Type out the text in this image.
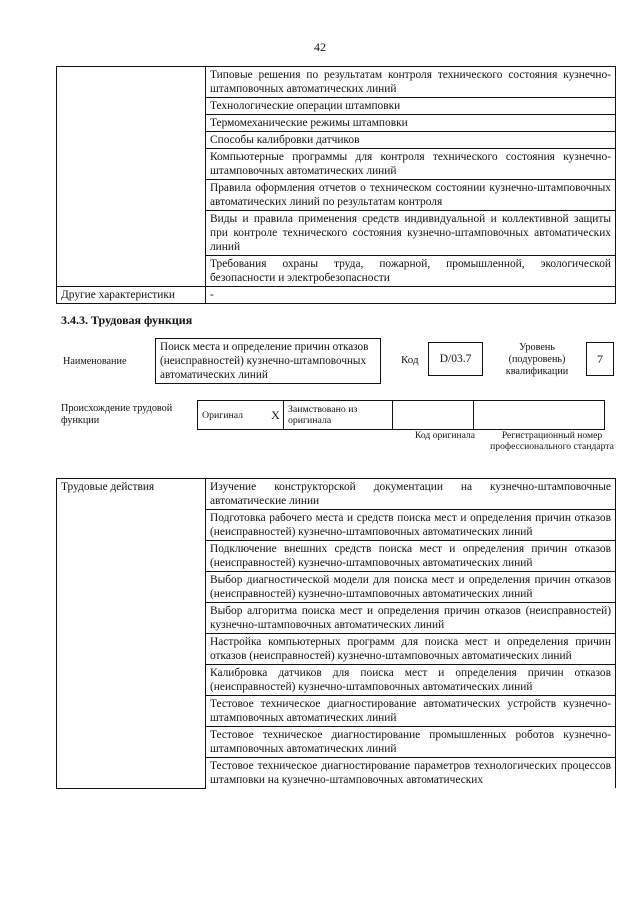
42
	Типовые решения по результатам контроля технического состояния кузнечно-штамповочных автоматических линий
	Технологические операции штамповки
	Термомеханические режимы штамповки
	Способы калибровки датчиков
	Компьютерные программы для контроля технического состояния кузнечно-штамповочных автоматических линий
	Правила оформления отчетов о техническом состоянии кузнечно-штамповочных автоматических линий по результатам контроля
	Виды и правила применения средств индивидуальной и коллективной защиты при контроле технического состояния кузнечно-штамповочных автоматических линий
	Требования охраны труда, пожарной, промышленной, экологической безопасности и электробезопасности
Другие характеристики	-
3.4.3. Трудовая функция
Наименование
Поиск места и определение причин отказов (неисправностей) кузнечно-штамповочных автоматических линий
Код	D/03.7
Уровень (подуровень) квалификации
7
Происхождение трудовой функции	Оригинал	X	Заимствовано из оригинала		
Код оригинала	Регистрационный номер профессионального стандарта
Трудовые действия	Изучение конструкторской документации на кузнечно-штамповочные автоматические линии
Подготовка рабочего места и средств поиска мест и определения причин отказов (неисправностей) кузнечно-штамповочных автоматических линий
Подключение внешних средств поиска мест и определения причин отказов (неисправностей) кузнечно-штамповочных автоматических линий
Выбор диагностической модели для поиска мест и определения причин отказов (неисправностей) кузнечно-штамповочных автоматических линий
Выбор алгоритма поиска мест и определения причин отказов (неисправностей) кузнечно-штамповочных автоматических линий
Настройка компьютерных программ для поиска мест и определения причин отказов (неисправностей) кузнечно-штамповочных автоматических линий
Калибровка датчиков для поиска мест и определения причин отказов (неисправностей) кузнечно-штамповочных автоматических линий
Тестовое техническое диагностирование автоматических устройств кузнечно-штамповочных автоматических линий
Тестовое техническое диагностирование промышленных роботов кузнечно-штамповочных автоматических линий
Тестовое техническое диагностирование параметров технологических процессов штамповки на кузнечно-штамповочных автоматических
